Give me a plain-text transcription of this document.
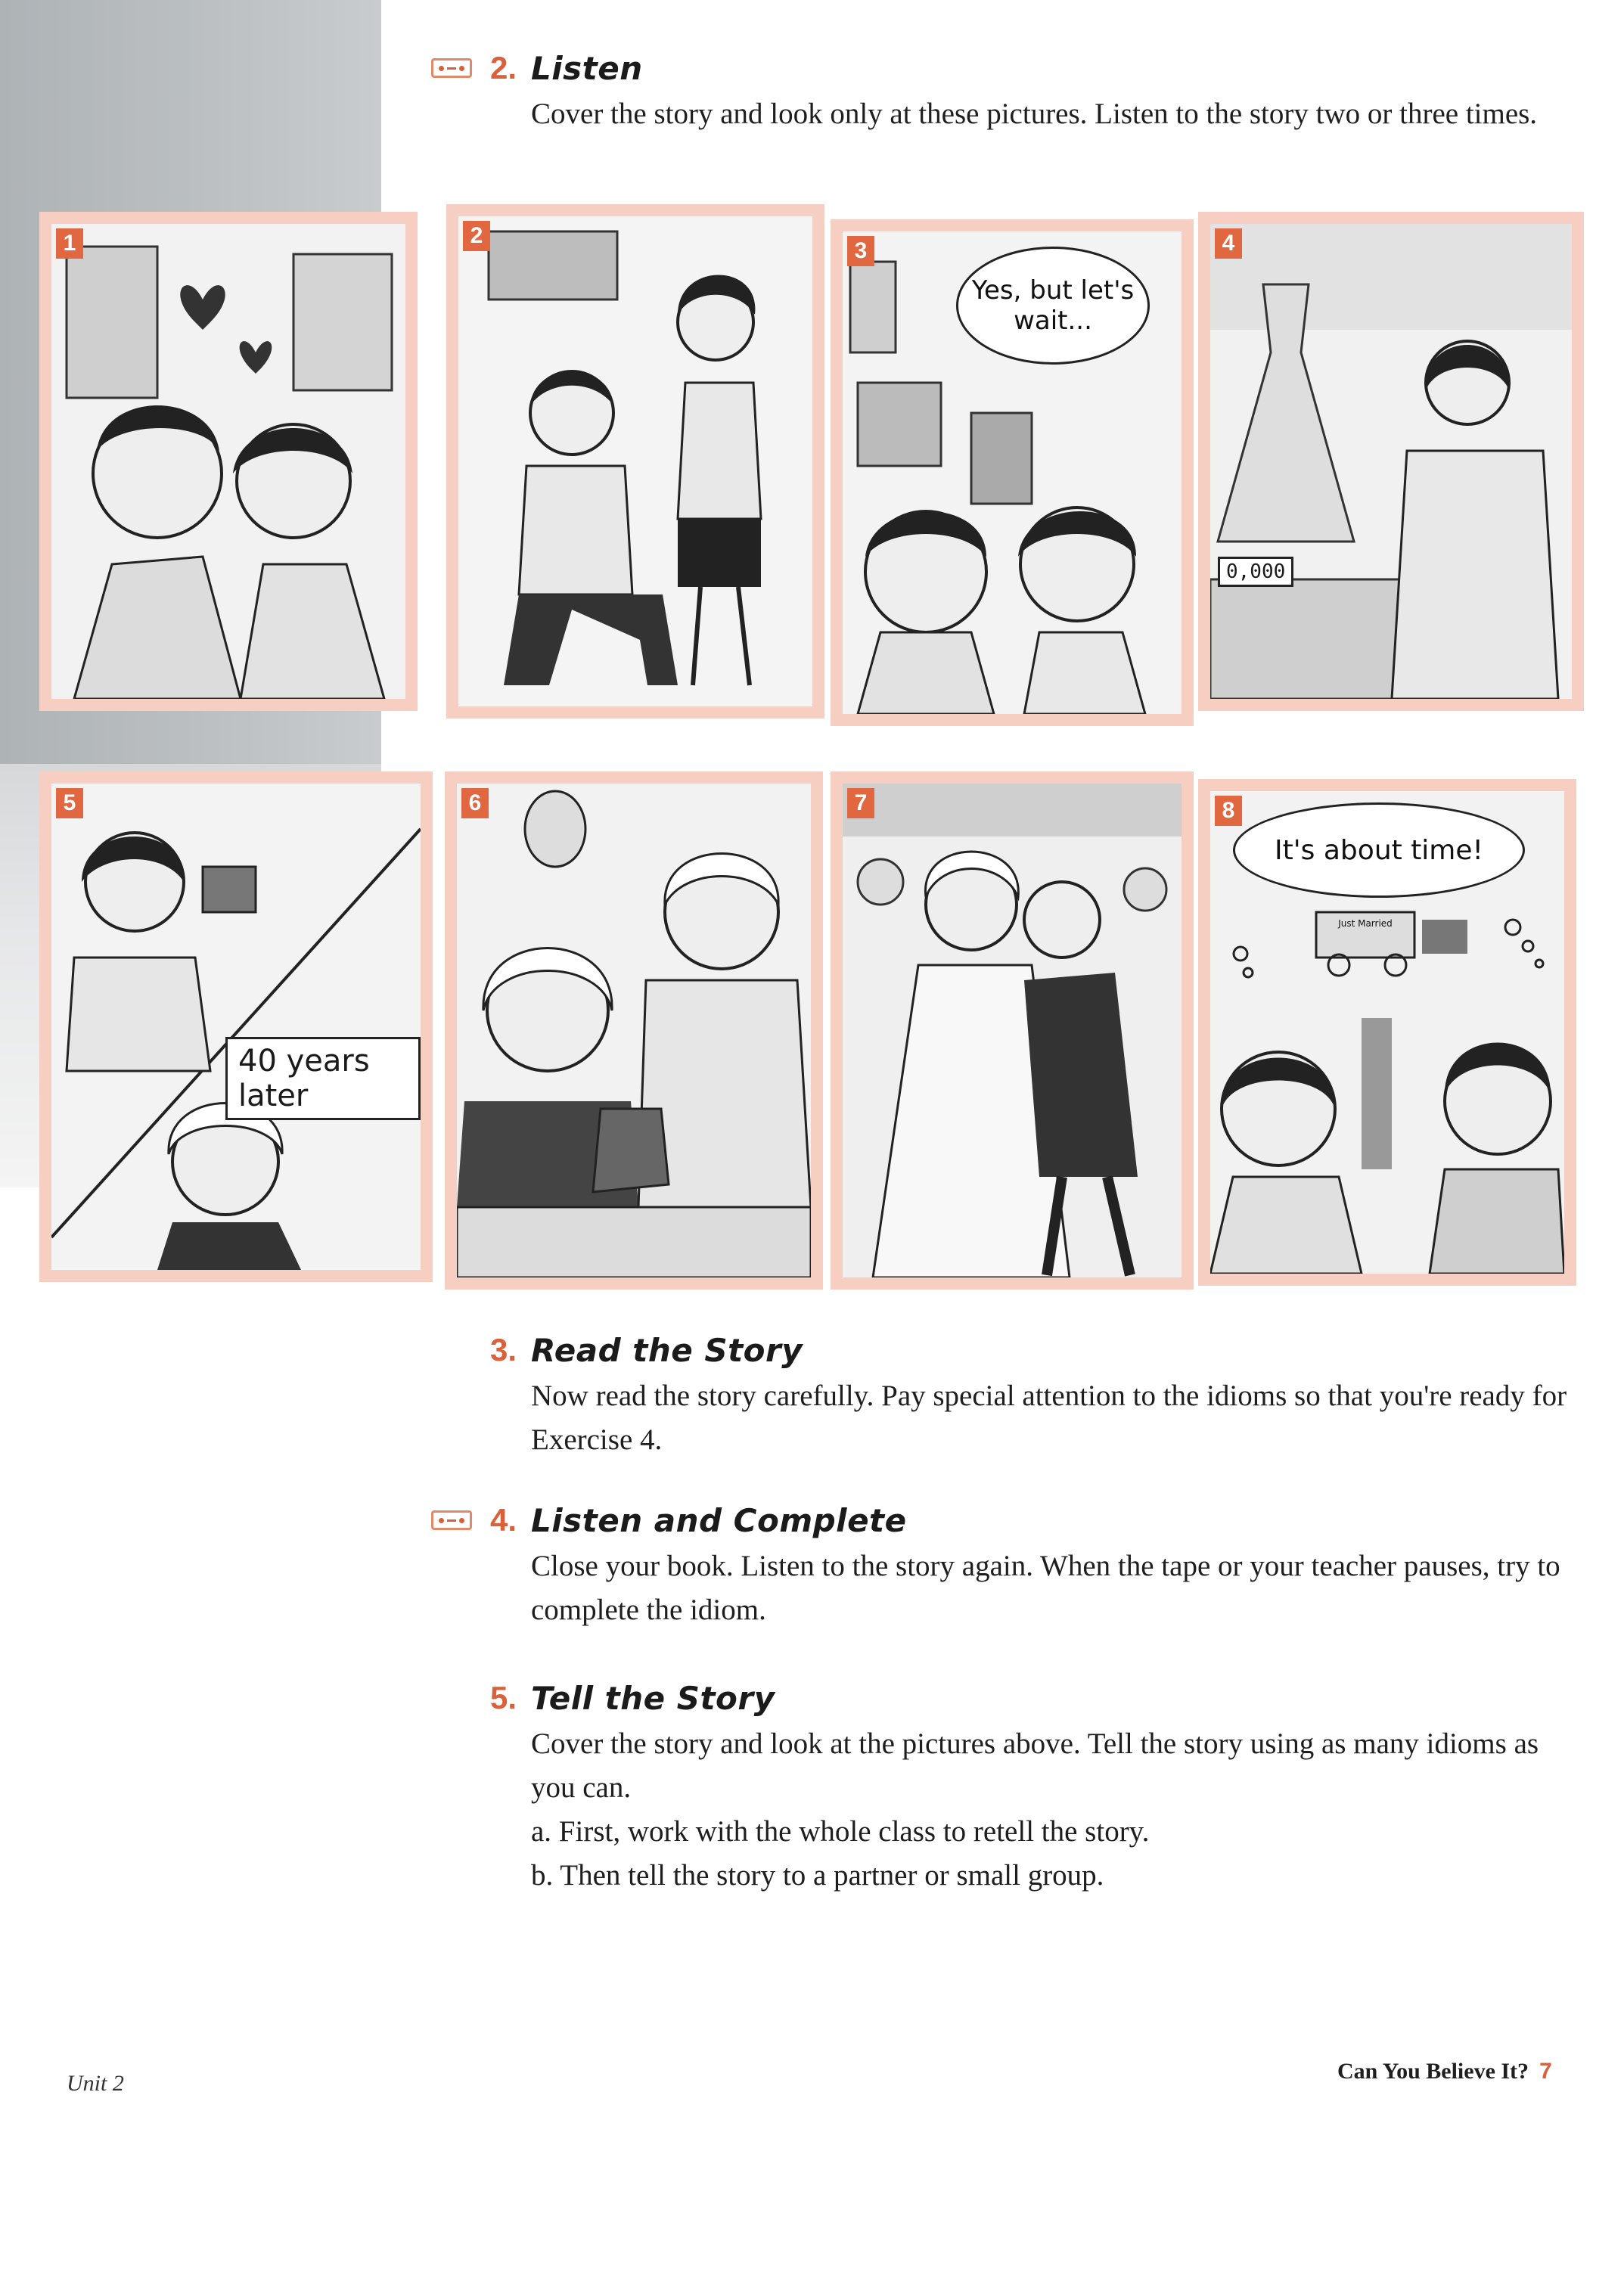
2. Listen
Cover the story and look only at these pictures. Listen to the story two or three times.
1	2
3
Yes, but let's wait...
4
0,000
5
40 years later
6	7	8
It's about time!
Just Married
3. Read the Story
Now read the story carefully. Pay special attention to the idioms so that you're ready for Exercise 4.
4. Listen and Complete
Close your book. Listen to the story again. When the tape or your teacher pauses, try to complete the idiom.
5. Tell the Story
Cover the story and look at the pictures above. Tell the story using as many idioms as you can.
a. First, work with the whole class to retell the story.
b. Then tell the story to a partner or small group.
Unit 2	Can You Believe It? 7
